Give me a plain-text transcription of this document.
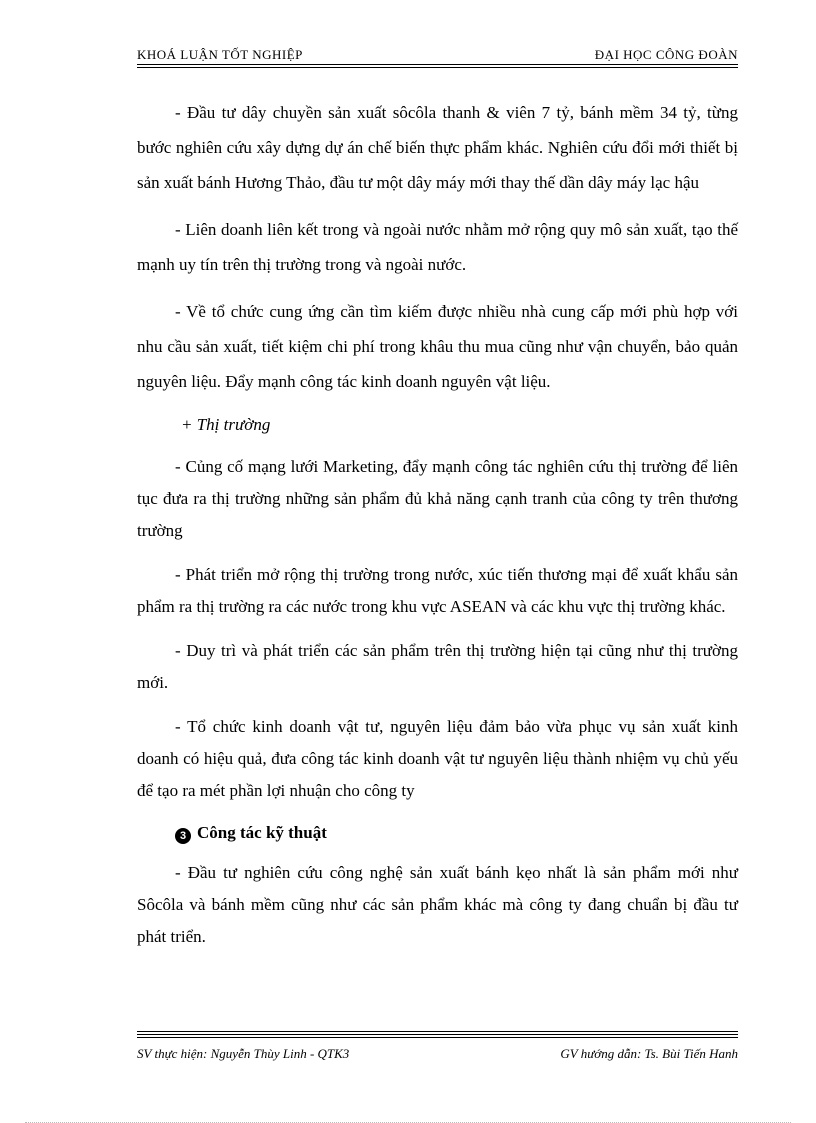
KHOÁ LUẬN TỐT NGHIỆP	ĐẠI HỌC CÔNG ĐOÀN

- Đầu tư dây chuyền sản xuất sôcôla thanh & viên 7 tỷ, bánh mềm 34 tỷ, từng bước nghiên cứu xây dựng dự án chế biến thực phẩm khác. Nghiên cứu đổi mới thiết bị sản xuất bánh Hương Thảo, đầu tư một dây máy mới thay thế dần dây máy lạc hậu

- Liên doanh liên kết trong và ngoài nước nhằm mở rộng quy mô sản xuất, tạo thế mạnh uy tín trên thị trường trong và ngoài nước.

- Về tổ chức cung ứng cần tìm kiếm được nhiều nhà cung cấp mới phù hợp với nhu cầu sản xuất, tiết kiệm chi phí trong khâu thu mua cũng như vận chuyển, bảo quản nguyên liệu. Đẩy mạnh công tác kinh doanh nguyên vật liệu.

+ Thị trường

- Củng cố mạng lưới Marketing, đẩy mạnh công tác nghiên cứu thị trường để liên tục đưa ra thị trường những sản phẩm đủ khả năng cạnh tranh của công ty trên thương trường

- Phát triển mở rộng thị trường trong nước, xúc tiến thương mại để xuất khẩu sản phẩm ra thị trường ra các nước trong khu vực ASEAN và các khu vực thị trường khác.

- Duy trì và phát triển các sản phẩm trên thị trường hiện tại cũng như thị trường mới.

- Tổ chức kinh doanh vật tư, nguyên liệu đảm bảo vừa phục vụ sản xuất kinh doanh có hiệu quả, đưa công tác kinh doanh vật tư nguyên liệu thành nhiệm vụ chủ yếu để tạo ra mét phần lợi nhuận cho công ty

3 Công tác kỹ thuật

- Đầu tư nghiên cứu công nghệ sản xuất bánh kẹo nhất là sản phẩm mới như Sôcôla và bánh mềm cũng như các sản phẩm khác mà công ty đang chuẩn bị đầu tư phát triển.

SV thực hiện: Nguyễn Thùy Linh - QTK3	GV hướng dẫn: Ts. Bùi Tiến Hanh
